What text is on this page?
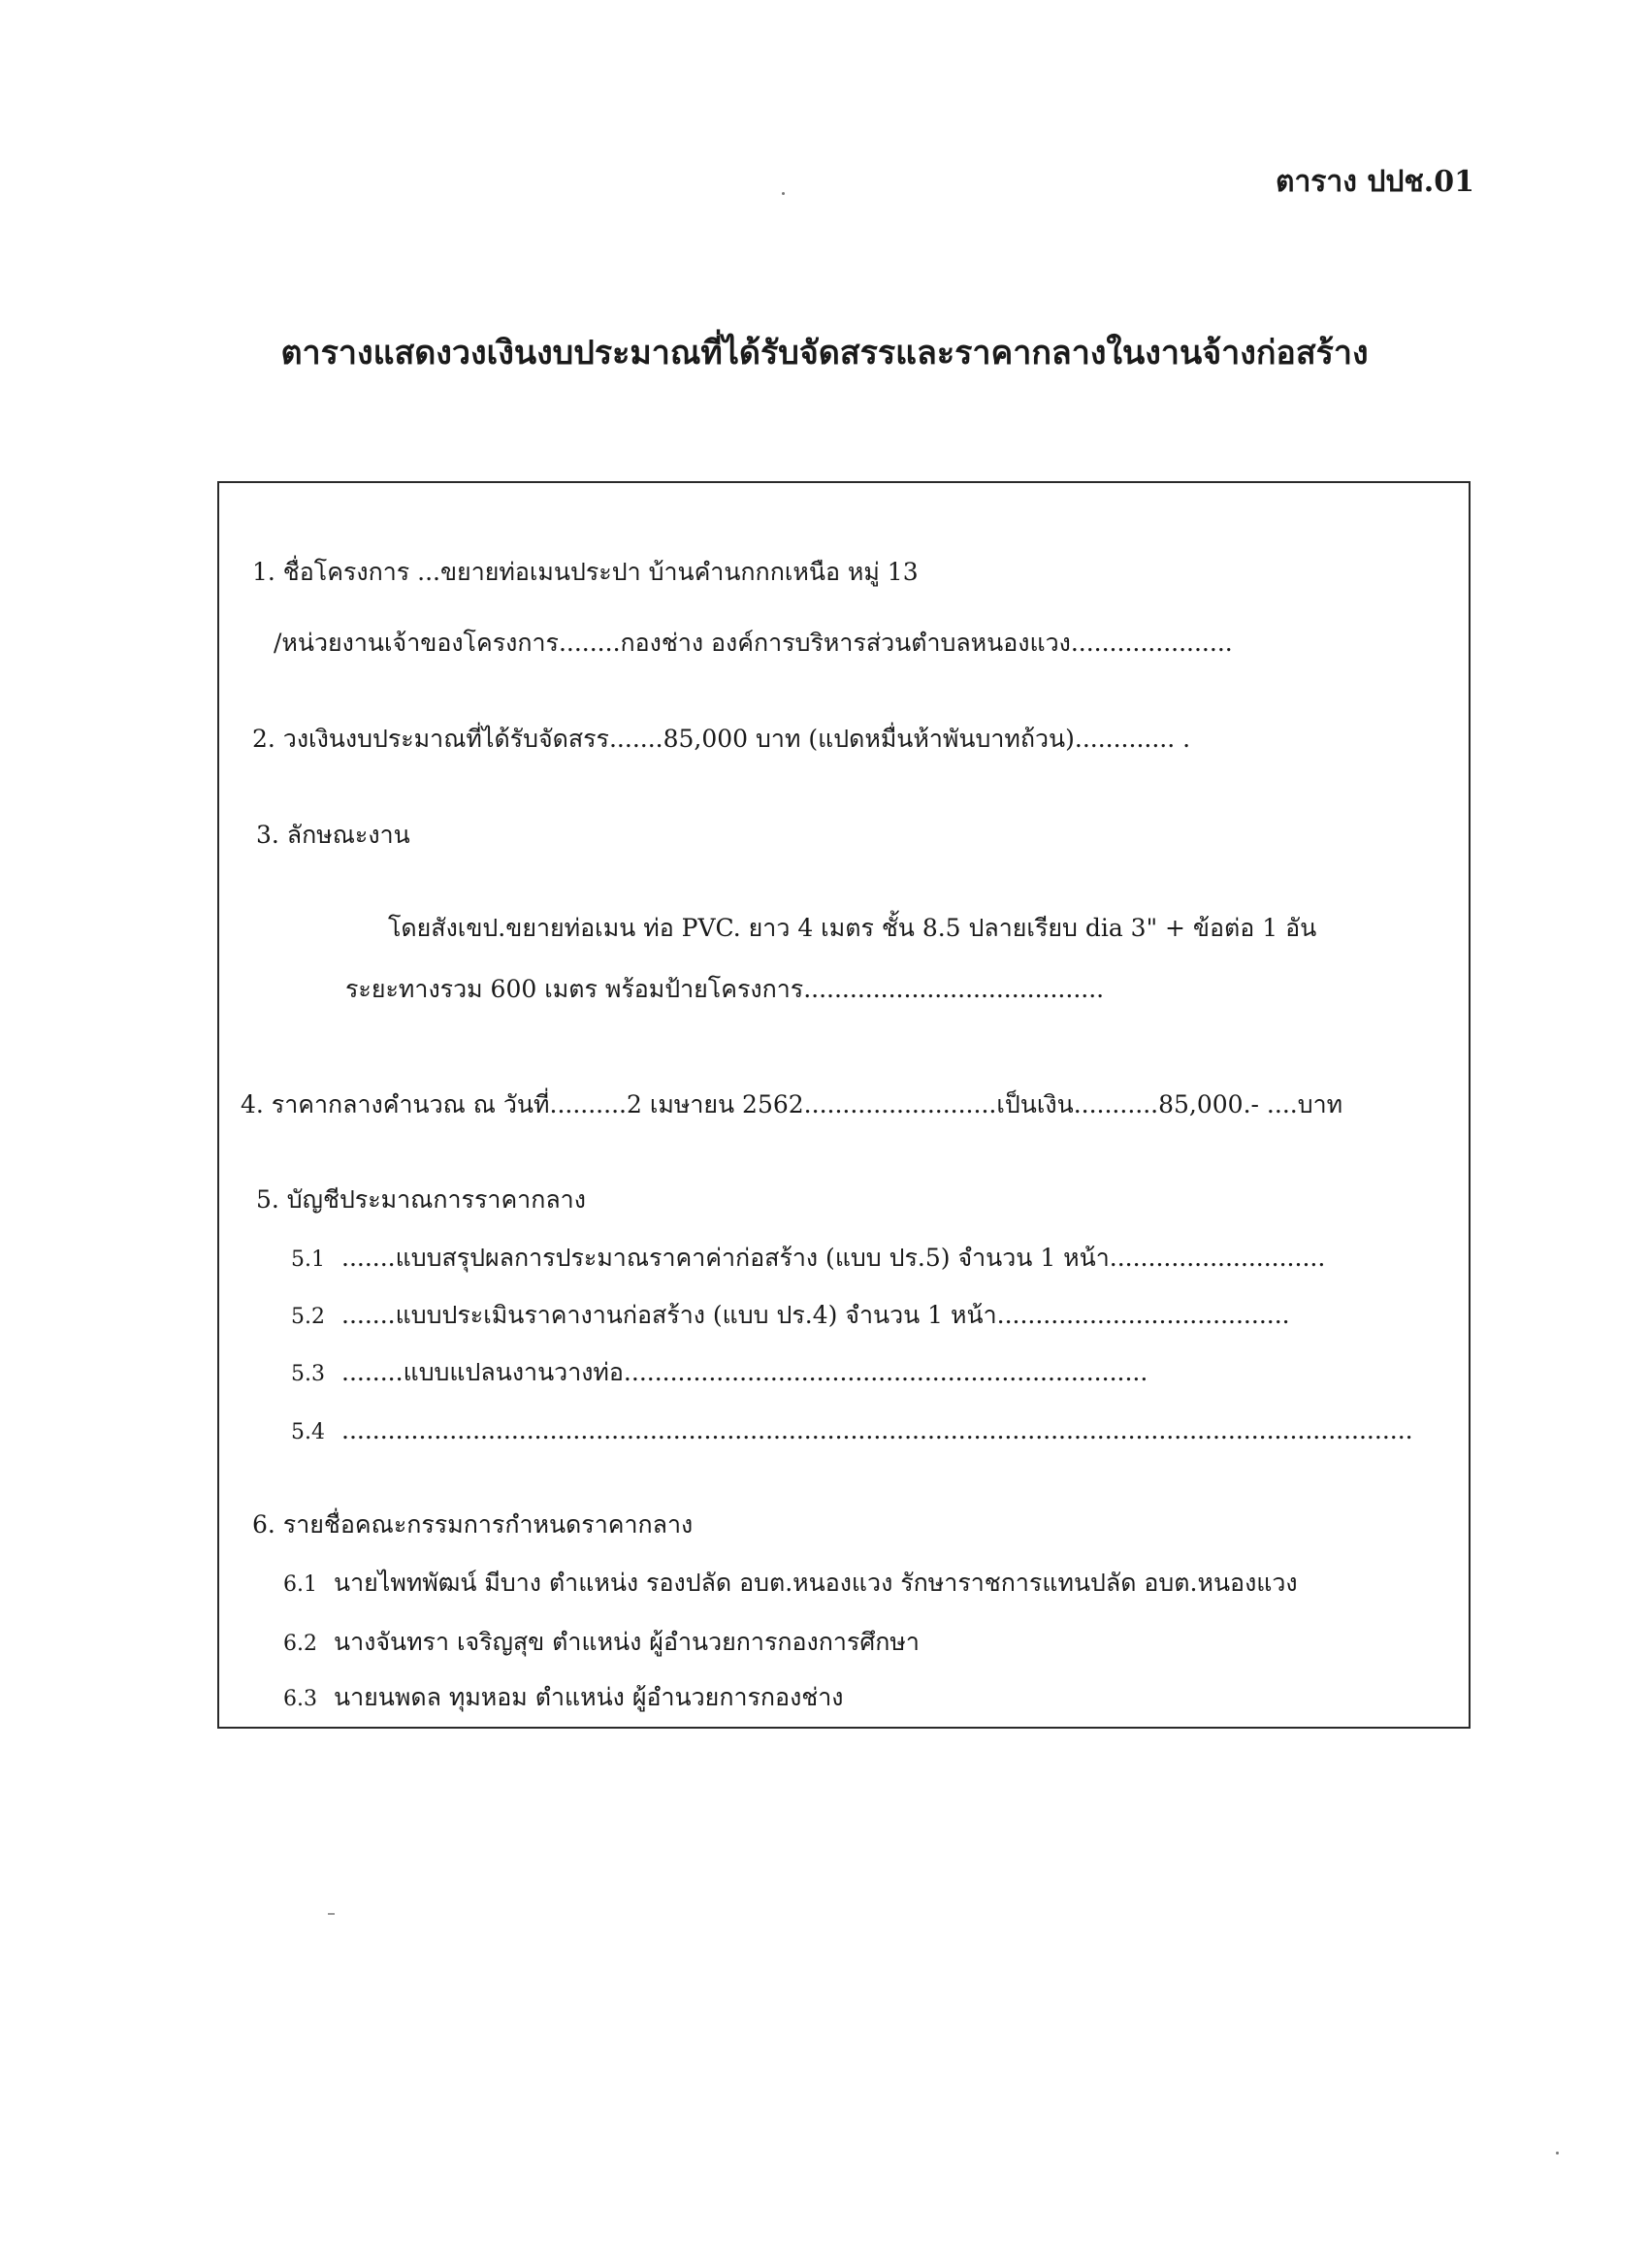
ตาราง ปปช.01
ตารางแสดงวงเงินงบประมาณที่ได้รับจัดสรรและราคากลางในงานจ้างก่อสร้าง
1. ชื่อโครงการ ...ขยายท่อเมนประปา บ้านคำนกกกเหนือ หมู่ 13
/หน่วยงานเจ้าของโครงการ........กองช่าง องค์การบริหารส่วนตำบลหนองแวง.....................
2. วงเงินงบประมาณที่ได้รับจัดสรร.......85,000 บาท (แปดหมื่นห้าพันบาทถ้วน)............. .
3. ลักษณะงาน
โดยสังเขป.ขยายท่อเมน ท่อ PVC. ยาว 4 เมตร ชั้น 8.5 ปลายเรียบ dia 3" + ข้อต่อ 1 อัน
ระยะทางรวม 600 เมตร พร้อมป้ายโครงการ.......................................
4. ราคากลางคำนวณ ณ วันที่..........2 เมษายน 2562.........................เป็นเงิน...........85,000.- ....บาท
5. บัญชีประมาณการราคากลาง
5.1 .......แบบสรุปผลการประมาณราคาค่าก่อสร้าง (แบบ ปร.5) จำนวน 1 หน้า............................
5.2 .......แบบประเมินราคางานก่อสร้าง (แบบ ปร.4) จำนวน 1 หน้า......................................
5.3 ........แบบแปลนงานวางท่อ....................................................................
5.4 ...........................................................................................................................................
6. รายชื่อคณะกรรมการกำหนดราคากลาง
6.1 นายไพทพัฒน์ มีบาง ตำแหน่ง รองปลัด อบต.หนองแวง รักษาราชการแทนปลัด อบต.หนองแวง
6.2 นางจันทรา เจริญสุข ตำแหน่ง ผู้อำนวยการกองการศึกษา
6.3 นายนพดล ทุมหอม ตำแหน่ง ผู้อำนวยการกองช่าง
